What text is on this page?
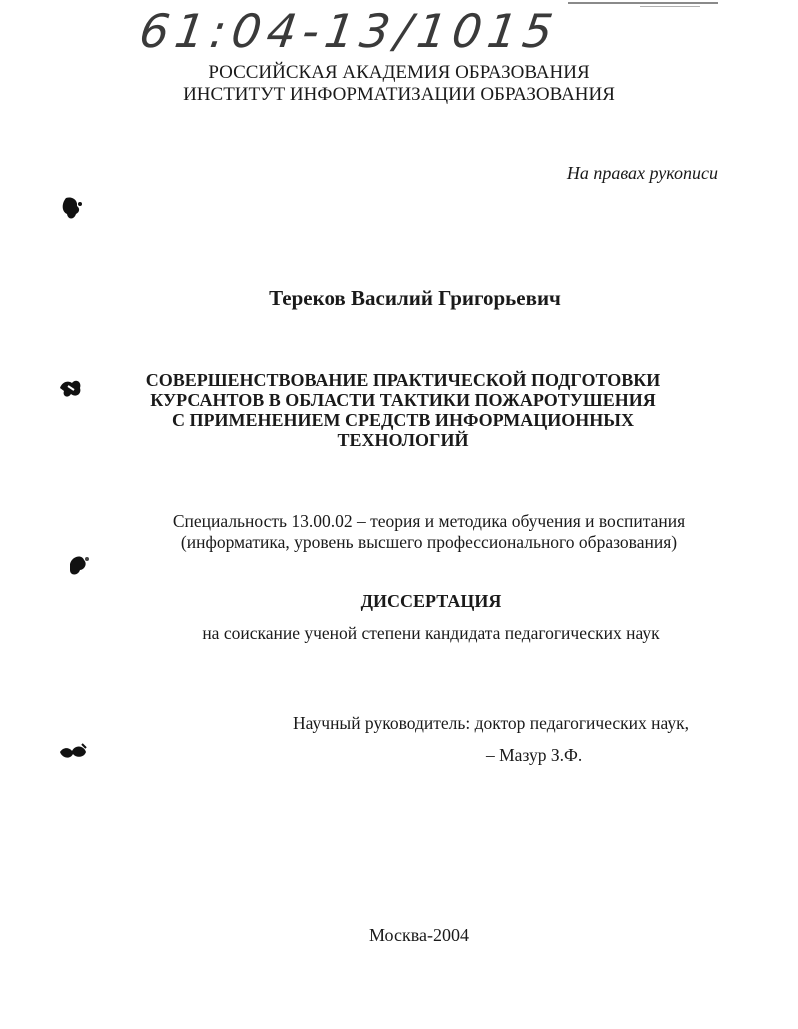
61:04-13/1015
РОССИЙСКАЯ АКАДЕМИЯ ОБРАЗОВАНИЯ
ИНСТИТУТ ИНФОРМАТИЗАЦИИ ОБРАЗОВАНИЯ
На правах рукописи
Тереков Василий Григорьевич
СОВЕРШЕНСТВОВАНИЕ ПРАКТИЧЕСКОЙ ПОДГОТОВКИ
КУРСАНТОВ В ОБЛАСТИ ТАКТИКИ ПОЖАРОТУШЕНИЯ
С ПРИМЕНЕНИЕМ СРЕДСТВ ИНФОРМАЦИОННЫХ
ТЕХНОЛОГИЙ
Специальность 13.00.02 – теория и методика обучения и воспитания
(информатика, уровень высшего профессионального образования)
ДИССЕРТАЦИЯ
на соискание ученой степени кандидата педагогических наук
Научный руководитель: доктор педагогических наук,
– Мазур З.Ф.
Москва-2004
